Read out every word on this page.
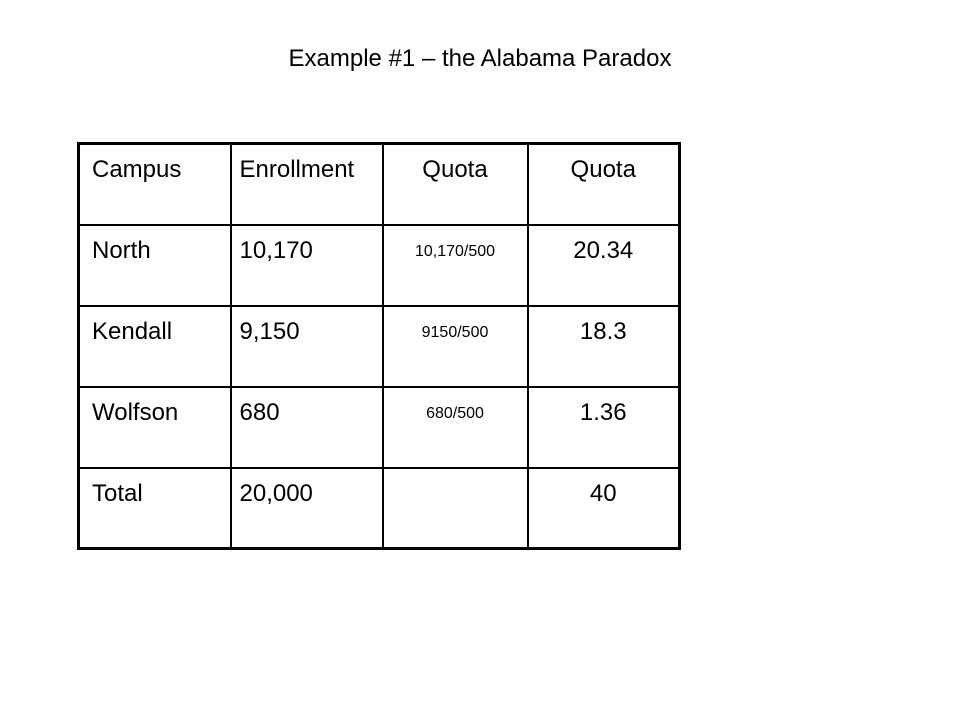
Example #1 – the Alabama Paradox
Campus	Enrollment	Quota	Quota

North	10,170	10,170/500	20.34

Kendall	9,150	9150/500	18.3

Wolfson	680	680/500	1.36

Total	20,000		40
